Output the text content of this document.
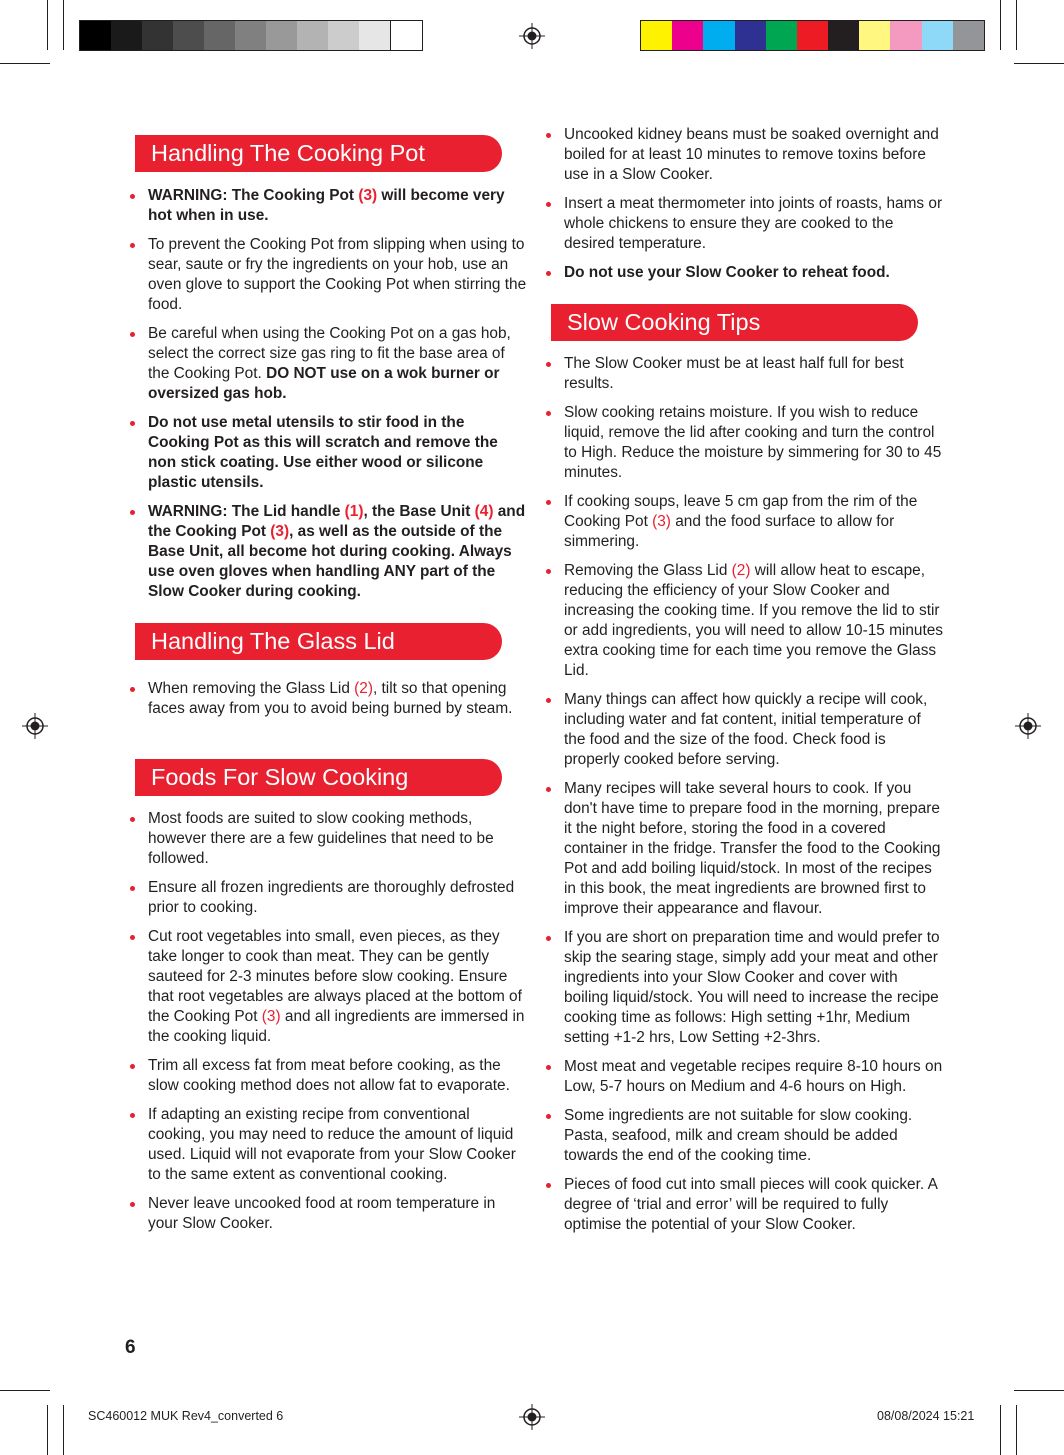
Handling The Cooking Pot
WARNING: The Cooking Pot (3) will become very hot when in use.
To prevent the Cooking Pot from slipping when using to sear, saute or fry the ingredients on your hob, use an oven glove to support the Cooking Pot when stirring the food.
Be careful when using the Cooking Pot on a gas hob, select the correct size gas ring to fit the base area of the Cooking Pot. DO NOT use on a wok burner or oversized gas hob.
Do not use metal utensils to stir food in the Cooking Pot as this will scratch and remove the non stick coating. Use either wood or silicone plastic utensils.
WARNING: The Lid handle (1), the Base Unit (4) and the Cooking Pot (3), as well as the outside of the Base Unit, all become hot during cooking. Always use oven gloves when handling ANY part of the Slow Cooker during cooking.
Handling The Glass Lid
When removing the Glass Lid (2), tilt so that opening faces away from you to avoid being burned by steam.
Foods For Slow Cooking
Most foods are suited to slow cooking methods, however there are a few guidelines that need to be followed.
Ensure all frozen ingredients are thoroughly defrosted prior to cooking.
Cut root vegetables into small, even pieces, as they take longer to cook than meat. They can be gently sauteed for 2-3 minutes before slow cooking. Ensure that root vegetables are always placed at the bottom of the Cooking Pot (3) and all ingredients are immersed in the cooking liquid.
Trim all excess fat from meat before cooking, as the slow cooking method does not allow fat to evaporate.
If adapting an existing recipe from conventional cooking, you may need to reduce the amount of liquid used. Liquid will not evaporate from your Slow Cooker to the same extent as conventional cooking.
Never leave uncooked food at room temperature in your Slow Cooker.
Uncooked kidney beans must be soaked overnight and boiled for at least 10 minutes to remove toxins before use in a Slow Cooker.
Insert a meat thermometer into joints of roasts, hams or whole chickens to ensure they are cooked to the desired temperature.
Do not use your Slow Cooker to reheat food.
Slow Cooking Tips
The Slow Cooker must be at least half full for best results.
Slow cooking retains moisture. If you wish to reduce liquid, remove the lid after cooking and turn the control to High. Reduce the moisture by simmering for 30 to 45 minutes.
If cooking soups, leave 5 cm gap from the rim of the Cooking Pot (3) and the food surface to allow for simmering.
Removing the Glass Lid (2) will allow heat to escape, reducing the efficiency of your Slow Cooker and increasing the cooking time. If you remove the lid to stir or add ingredients, you will need to allow 10-15 minutes extra cooking time for each time you remove the Glass Lid.
Many things can affect how quickly a recipe will cook, including water and fat content, initial temperature of the food and the size of the food. Check food is properly cooked before serving.
Many recipes will take several hours to cook. If you don't have time to prepare food in the morning, prepare it the night before, storing the food in a covered container in the fridge. Transfer the food to the Cooking Pot and add boiling liquid/stock. In most of the recipes in this book, the meat ingredients are browned first to improve their appearance and flavour.
If you are short on preparation time and would prefer to skip the searing stage, simply add your meat and other ingredients into your Slow Cooker and cover with boiling liquid/stock. You will need to increase the recipe cooking time as follows: High setting +1hr, Medium setting +1-2 hrs, Low Setting +2-3hrs.
Most meat and vegetable recipes require 8-10 hours on Low, 5-7 hours on Medium and 4-6 hours on High.
Some ingredients are not suitable for slow cooking. Pasta, seafood, milk and cream should be added towards the end of the cooking time.
Pieces of food cut into small pieces will cook quicker. A degree of ‘trial and error’ will be required to fully optimise the potential of your Slow Cooker.
6
SC460012 MUK Rev4_converted 6	08/08/2024 15:21
